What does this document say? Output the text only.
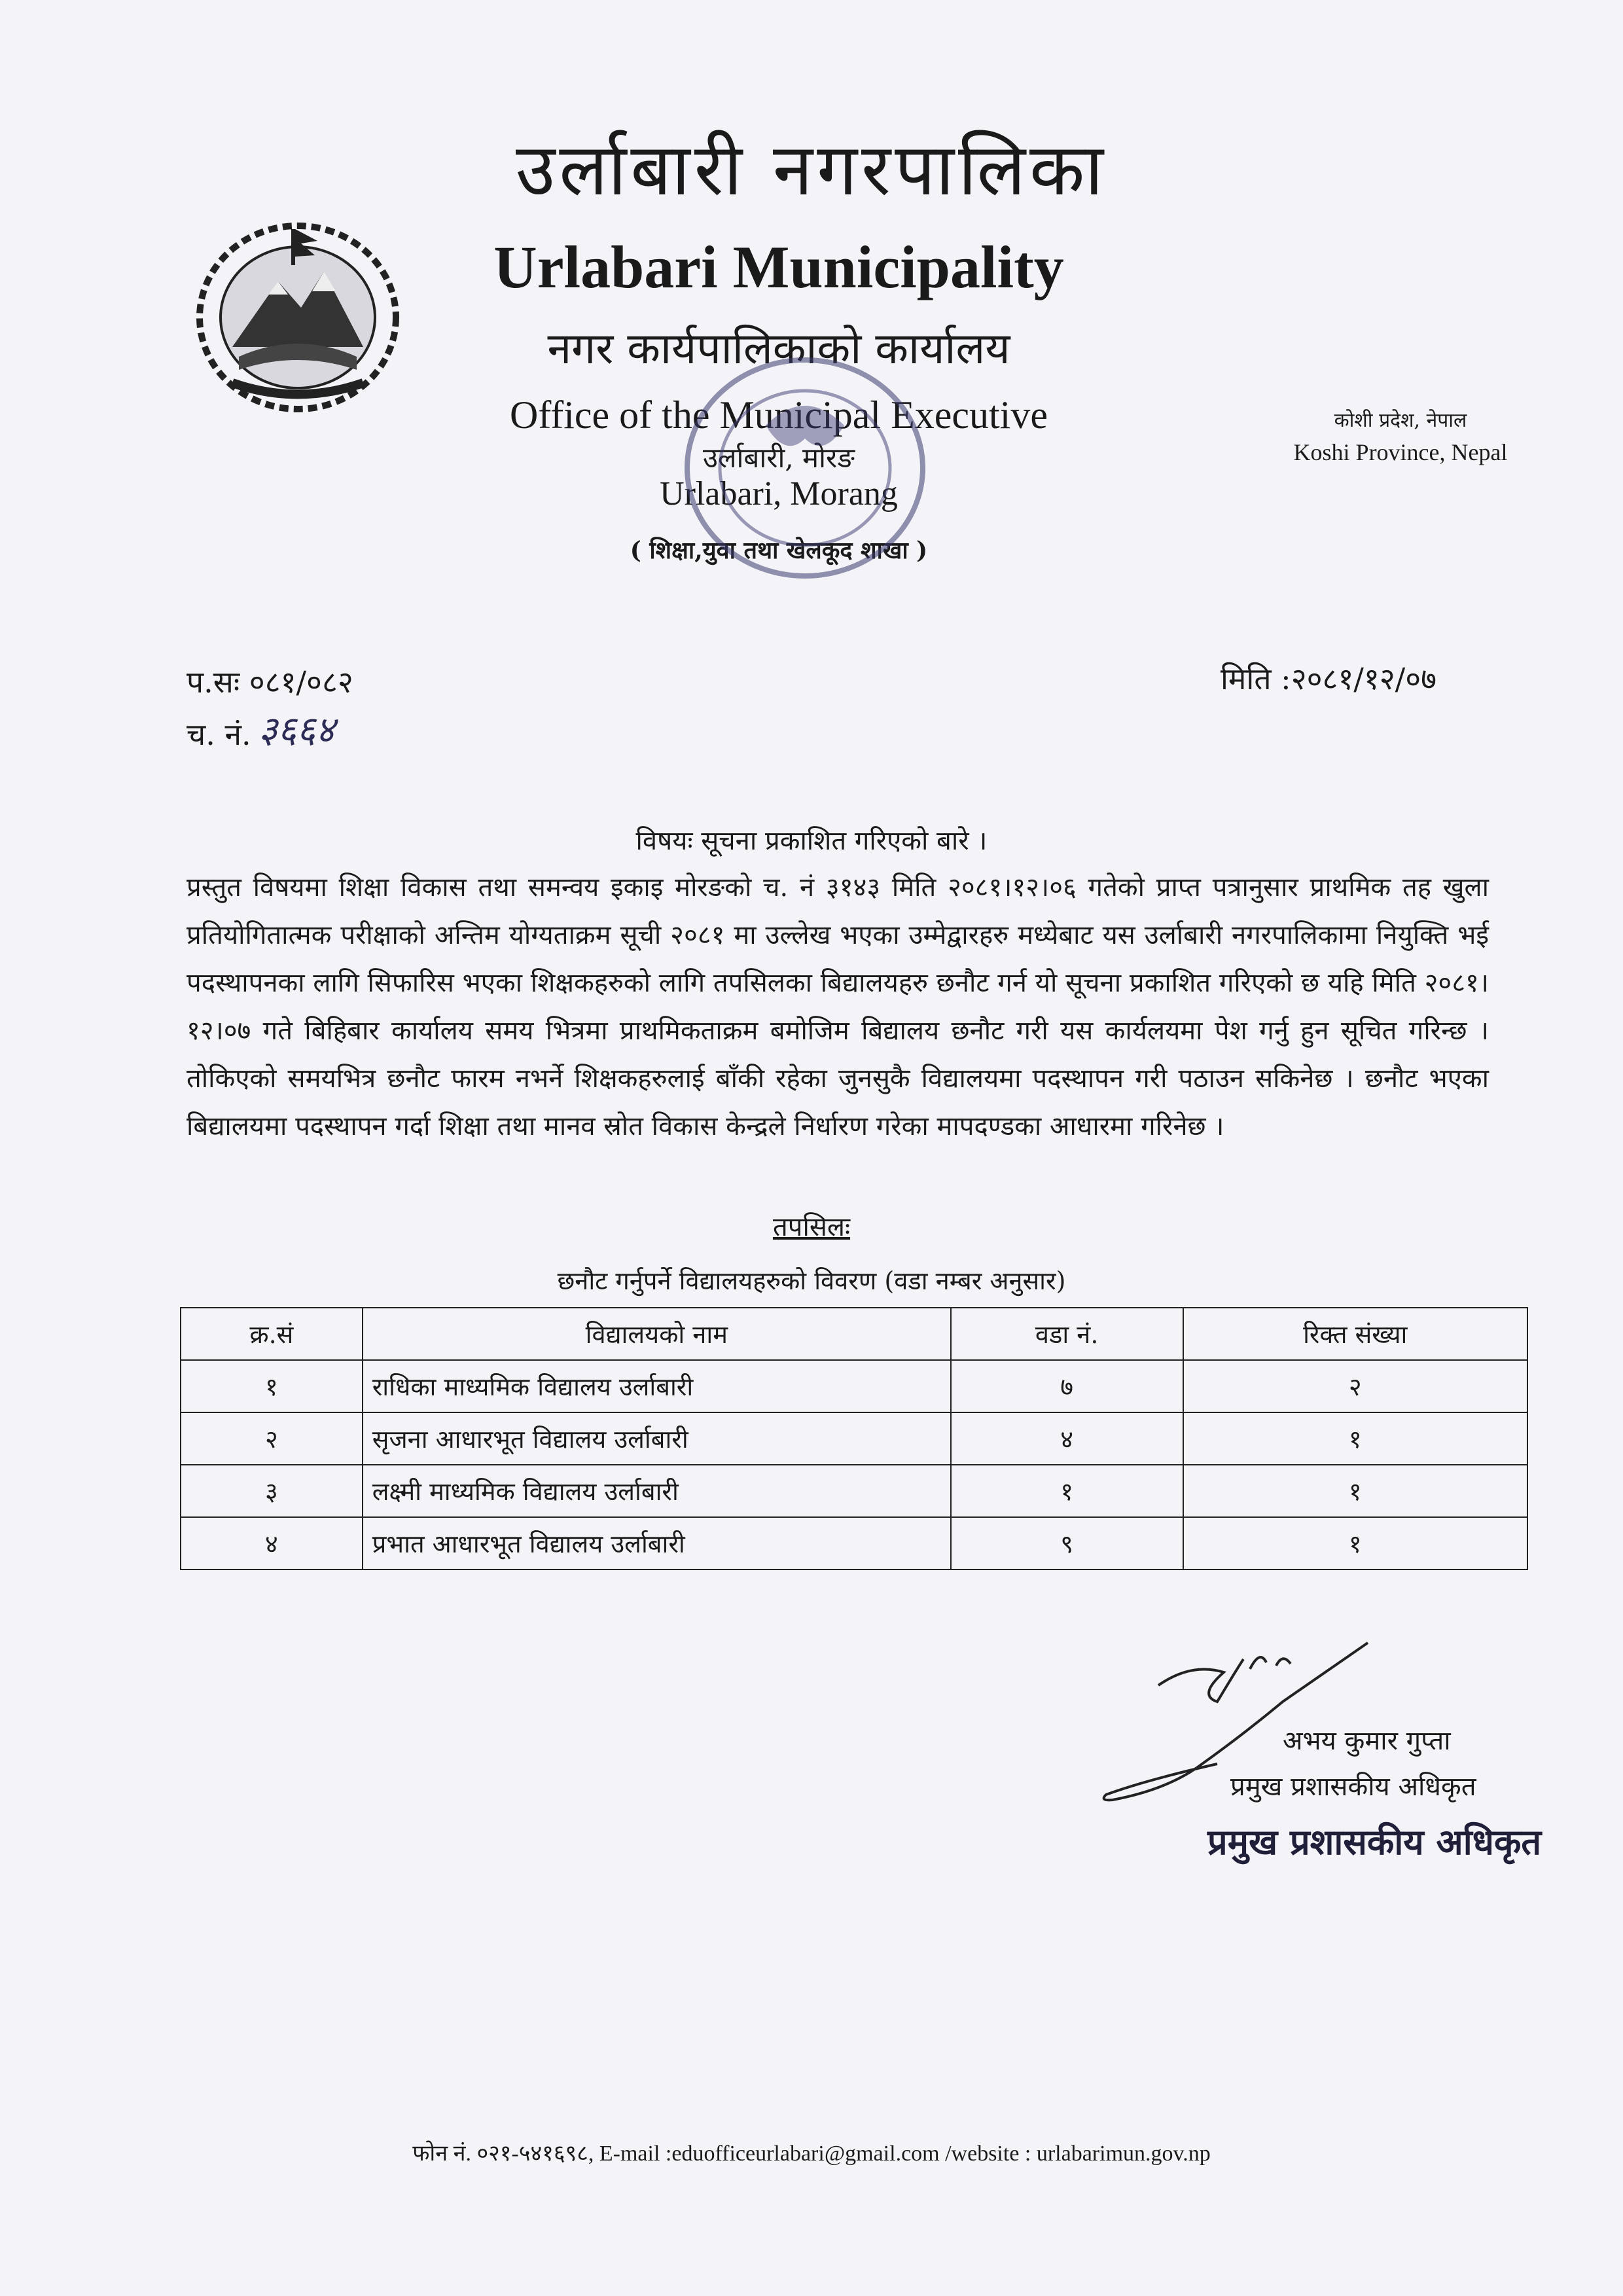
उर्लाबारी नगरपालिका
Urlabari Municipality
नगर कार्यपालिकाको कार्यालय
Office of the Municipal Executive
उर्लाबारी, मोरङ
Urlabari, Morang
( शिक्षा,युवा तथा खेलकूद शाखा )
कोशी प्रदेश, नेपाल
Koshi Province, Nepal
प.सः ०८१/०८२
च. नं. ३६६४
मिति :२०८१/१२/०७
विषयः सूचना प्रकाशित गरिएको बारे ।
प्रस्तुत विषयमा शिक्षा विकास तथा समन्वय इकाइ मोरङको च. नं ३१४३ मिति २०८१।१२।०६ गतेको प्राप्त पत्रानुसार प्राथमिक तह खुला प्रतियोगितात्मक परीक्षाको अन्तिम योग्यताक्रम सूची २०८१ मा उल्लेख भएका उम्मेद्वारहरु मध्येबाट यस उर्लाबारी नगरपालिकामा नियुक्ति भई पदस्थापनका लागि सिफारिस भएका शिक्षकहरुको लागि तपसिलका बिद्यालयहरु छनौट गर्न यो सूचना प्रकाशित गरिएको छ यहि मिति २०८१।१२।०७ गते बिहिबार कार्यालय समय भित्रमा प्राथमिकताक्रम बमोजिम बिद्यालय छनौट गरी यस कार्यलयमा पेश गर्नु हुन सूचित गरिन्छ । तोकिएको समयभित्र छनौट फारम नभर्ने शिक्षकहरुलाई बाँकी रहेका जुनसुकै विद्यालयमा पदस्थापन गरी पठाउन सकिनेछ । छनौट भएका बिद्यालयमा पदस्थापन गर्दा शिक्षा तथा मानव स्रोत विकास केन्द्रले निर्धारण गरेका मापदण्डका आधारमा गरिनेछ ।
तपसिलः
छनौट गर्नुपर्ने विद्यालयहरुको विवरण (वडा नम्बर अनुसार)
क्र.सं	विद्यालयको नाम	वडा नं.	रिक्त संख्या
१	राधिका माध्यमिक विद्यालय उर्लाबारी	७	२
२	सृजना आधारभूत विद्यालय उर्लाबारी	४	१
३	लक्ष्मी माध्यमिक विद्यालय उर्लाबारी	१	१
४	प्रभात आधारभूत विद्यालय उर्लाबारी	९	१
अभय कुमार गुप्ता
प्रमुख प्रशासकीय अधिकृत
प्रमुख प्रशासकीय अधिकृत
फोन नं. ०२१-५४१६९८, E-mail :eduofficeurlabari@gmail.com /website : urlabarimun.gov.np
